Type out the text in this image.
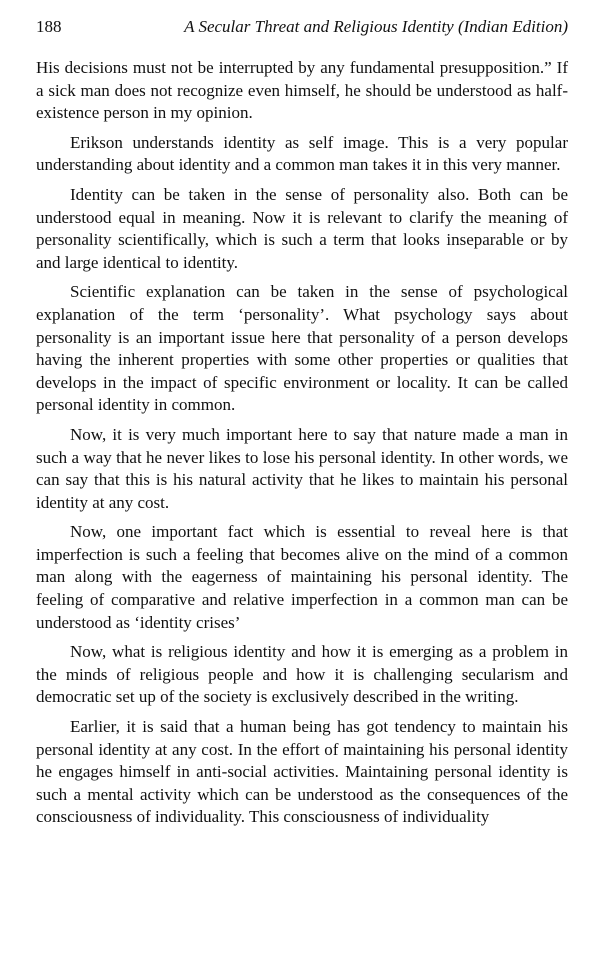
188	A Secular Threat and Religious Identity (Indian Edition)

His decisions must not be interrupted by any fundamental presupposition.” If a sick man does not recognize even himself, he should be understood as half-existence person in my opinion.

Erikson understands identity as self image. This is a very popular understanding about identity and a common man takes it in this very manner.

Identity can be taken in the sense of personality also. Both can be understood equal in meaning. Now it is relevant to clarify the meaning of personality scientifically, which is such a term that looks inseparable or by and large identical to identity.

Scientific explanation can be taken in the sense of psychological explanation of the term ‘personality’. What psychology says about personality is an important issue here that personality of a person develops having the inherent properties with some other properties or qualities that develops in the impact of specific environment or locality. It can be called personal identity in common.

Now, it is very much important here to say that nature made a man in such a way that he never likes to lose his personal identity. In other words, we can say that this is his natural activity that he likes to maintain his personal identity at any cost.

Now, one important fact which is essential to reveal here is that imperfection is such a feeling that becomes alive on the mind of a common man along with the eagerness of maintaining his personal identity. The feeling of comparative and relative imperfection in a common man can be understood as ‘identity crises’

Now, what is religious identity and how it is emerging as a problem in the minds of religious people and how it is challenging secularism and democratic set up of the society is exclusively described in the writing.

Earlier, it is said that a human being has got tendency to maintain his personal identity at any cost. In the effort of maintaining his personal identity he engages himself in anti-social activities. Maintaining personal identity is such a mental activity which can be understood as the consequences of the consciousness of individuality. This consciousness of individuality
